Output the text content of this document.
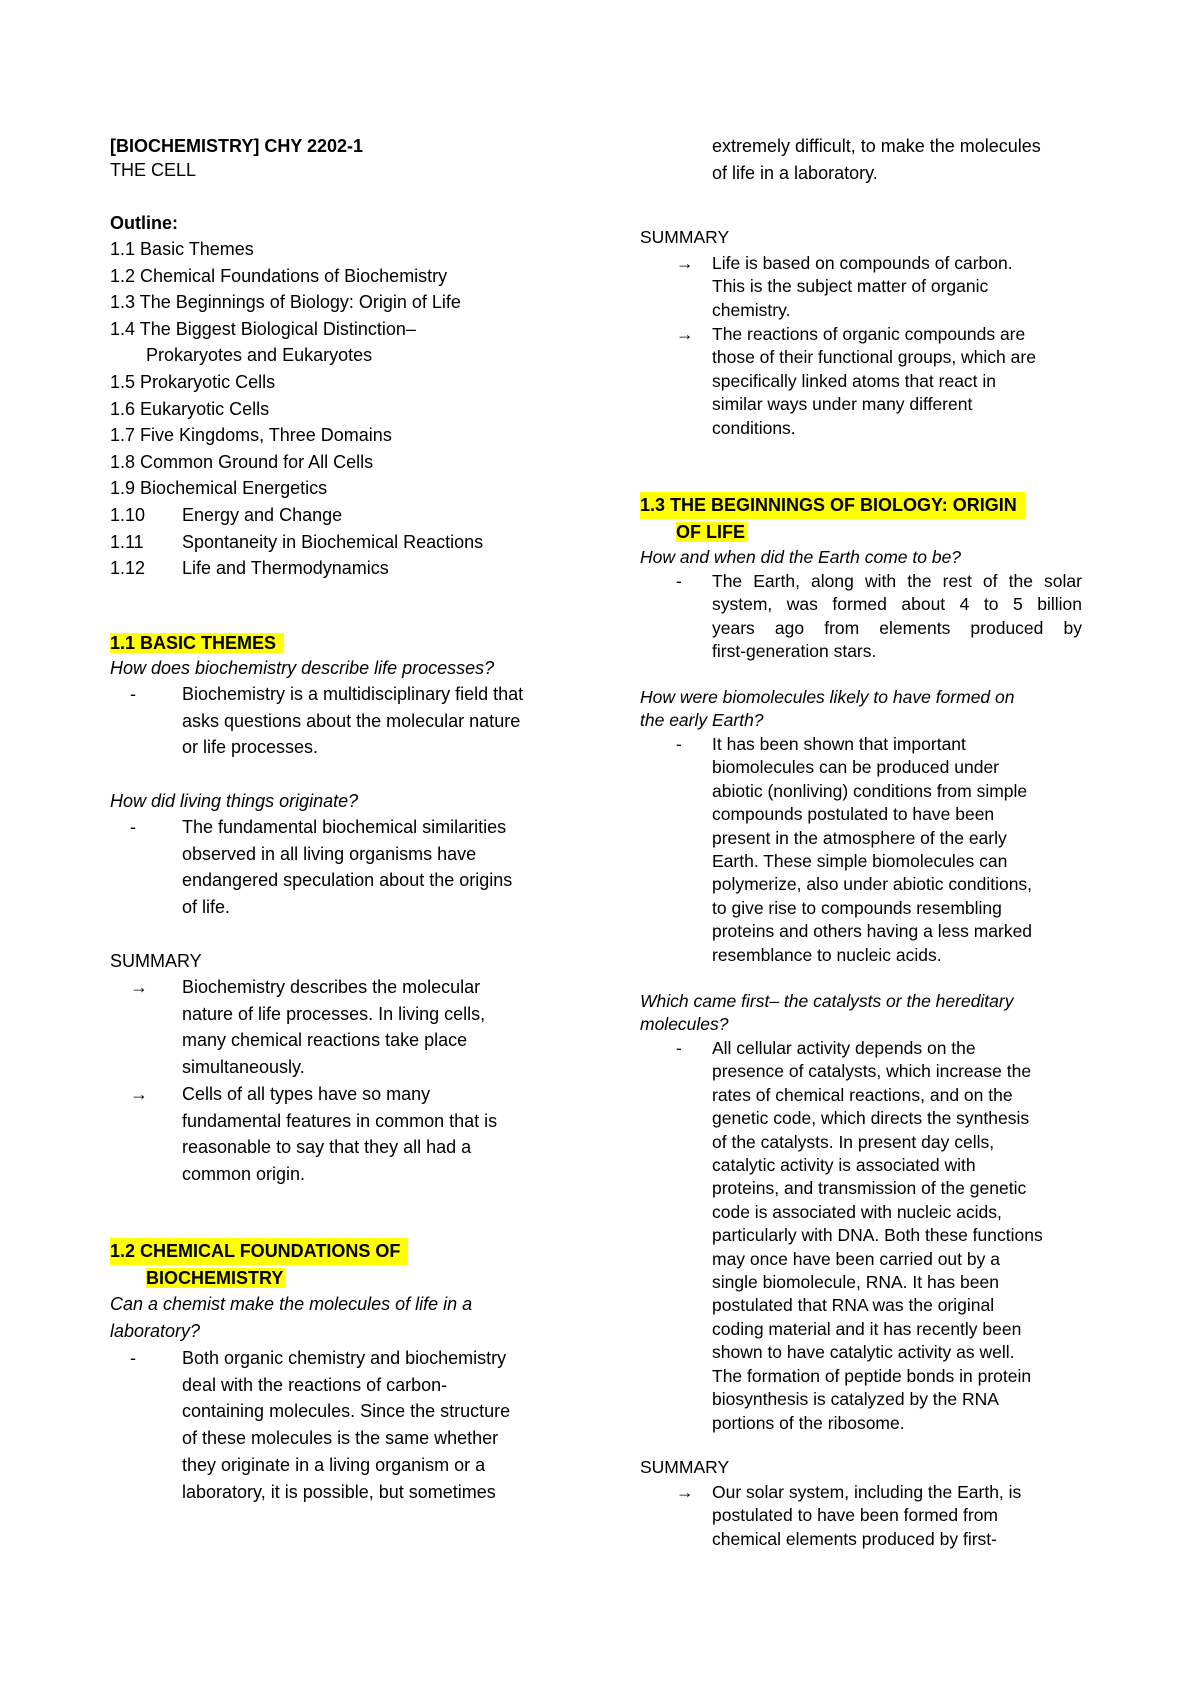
[BIOCHEMISTRY] CHY 2202-1
THE CELL
Outline:
1.1 Basic Themes
1.2 Chemical Foundations of Biochemistry
1.3 The Beginnings of Biology: Origin of Life
1.4 The Biggest Biological Distinction–
Prokaryotes and Eukaryotes
1.5 Prokaryotic Cells
1.6 Eukaryotic Cells
1.7 Five Kingdoms, Three Domains
1.8 Common Ground for All Cells
1.9 Biochemical Energetics
1.10 Energy and Change
1.11 Spontaneity in Biochemical Reactions
1.12 Life and Thermodynamics
1.1 BASIC THEMES
How does biochemistry describe life processes?
-	Biochemistry is a multidisciplinary field that
asks questions about the molecular nature
or life processes.
How did living things originate?
-	The fundamental biochemical similarities
observed in all living organisms have
endangered speculation about the origins
of life.
SUMMARY
→ Biochemistry describes the molecular
nature of life processes. In living cells,
many chemical reactions take place
simultaneously.
→ Cells of all types have so many
fundamental features in common that is
reasonable to say that they all had a
common origin.
1.2 CHEMICAL FOUNDATIONS OF
BIOCHEMISTRY
Can a chemist make the molecules of life in a
laboratory?
-	Both organic chemistry and biochemistry
deal with the reactions of carbon-
containing molecules. Since the structure
of these molecules is the same whether
they originate in a living organism or a
laboratory, it is possible, but sometimes
extremely difficult, to make the molecules
of life in a laboratory.
SUMMARY
→ Life is based on compounds of carbon.
This is the subject matter of organic
chemistry.
→ The reactions of organic compounds are
those of their functional groups, which are
specifically linked atoms that react in
similar ways under many different
conditions.
1.3 THE BEGINNINGS OF BIOLOGY: ORIGIN
OF LIFE
How and when did the Earth come to be?
- The Earth, along with the rest of the solar
system, was formed about 4 to 5 billion
years ago from elements produced by
first-generation stars.
How were biomolecules likely to have formed on
the early Earth?
- It has been shown that important
biomolecules can be produced under
abiotic (nonliving) conditions from simple
compounds postulated to have been
present in the atmosphere of the early
Earth. These simple biomolecules can
polymerize, also under abiotic conditions,
to give rise to compounds resembling
proteins and others having a less marked
resemblance to nucleic acids.
Which came first– the catalysts or the hereditary
molecules?
- All cellular activity depends on the
presence of catalysts, which increase the
rates of chemical reactions, and on the
genetic code, which directs the synthesis
of the catalysts. In present day cells,
catalytic activity is associated with
proteins, and transmission of the genetic
code is associated with nucleic acids,
particularly with DNA. Both these functions
may once have been carried out by a
single biomolecule, RNA. It has been
postulated that RNA was the original
coding material and it has recently been
shown to have catalytic activity as well.
The formation of peptide bonds in protein
biosynthesis is catalyzed by the RNA
portions of the ribosome.
SUMMARY
→ Our solar system, including the Earth, is
postulated to have been formed from
chemical elements produced by first-
